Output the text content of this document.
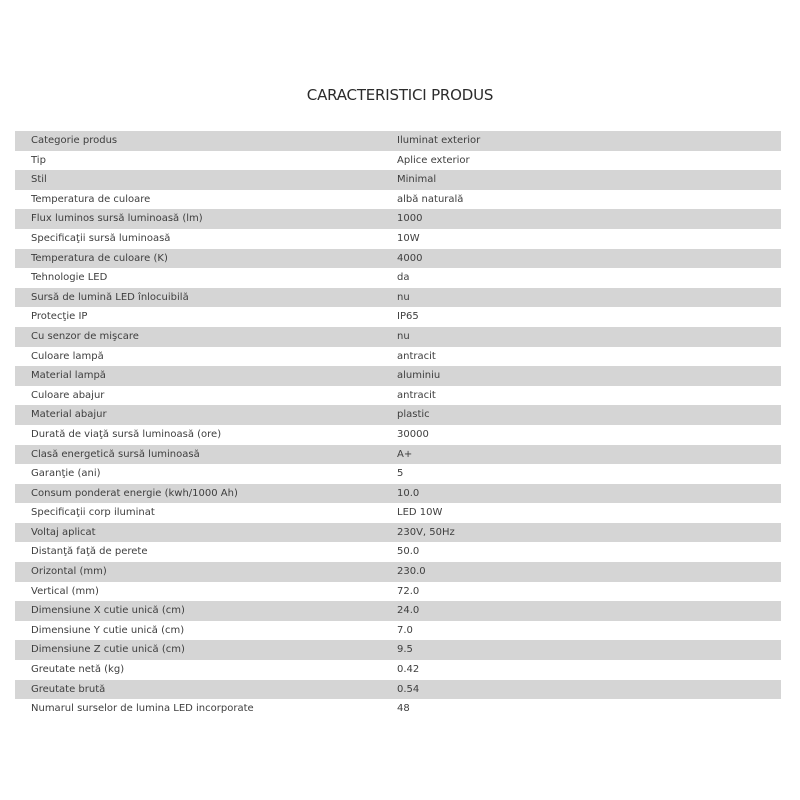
CARACTERISTICI PRODUS
Categorie produs	Iluminat exterior
Tip	Aplice exterior
Stil	Minimal
Temperatura de culoare	albă naturală
Flux luminos sursă luminoasă (lm)	1000
Specificaţii sursă luminoasă	10W
Temperatura de culoare (K)	4000
Tehnologie LED	da
Sursă de lumină LED înlocuibilă	nu
Protecţie IP	IP65
Cu senzor de mişcare	nu
Culoare lampă	antracit
Material lampă	aluminiu
Culoare abajur	antracit
Material abajur	plastic
Durată de viaţă sursă luminoasă (ore)	30000
Clasă energetică sursă luminoasă	A+
Garanţie (ani)	5
Consum ponderat energie (kwh/1000 Ah)	10.0
Specificaţii corp iluminat	LED 10W
Voltaj aplicat	230V, 50Hz
Distanţă faţă de perete	50.0
Orizontal (mm)	230.0
Vertical (mm)	72.0
Dimensiune X cutie unică (cm)	24.0
Dimensiune Y cutie unică (cm)	7.0
Dimensiune Z cutie unică (cm)	9.5
Greutate netă (kg)	0.42
Greutate brută	0.54
Numarul surselor de lumina LED incorporate	48
